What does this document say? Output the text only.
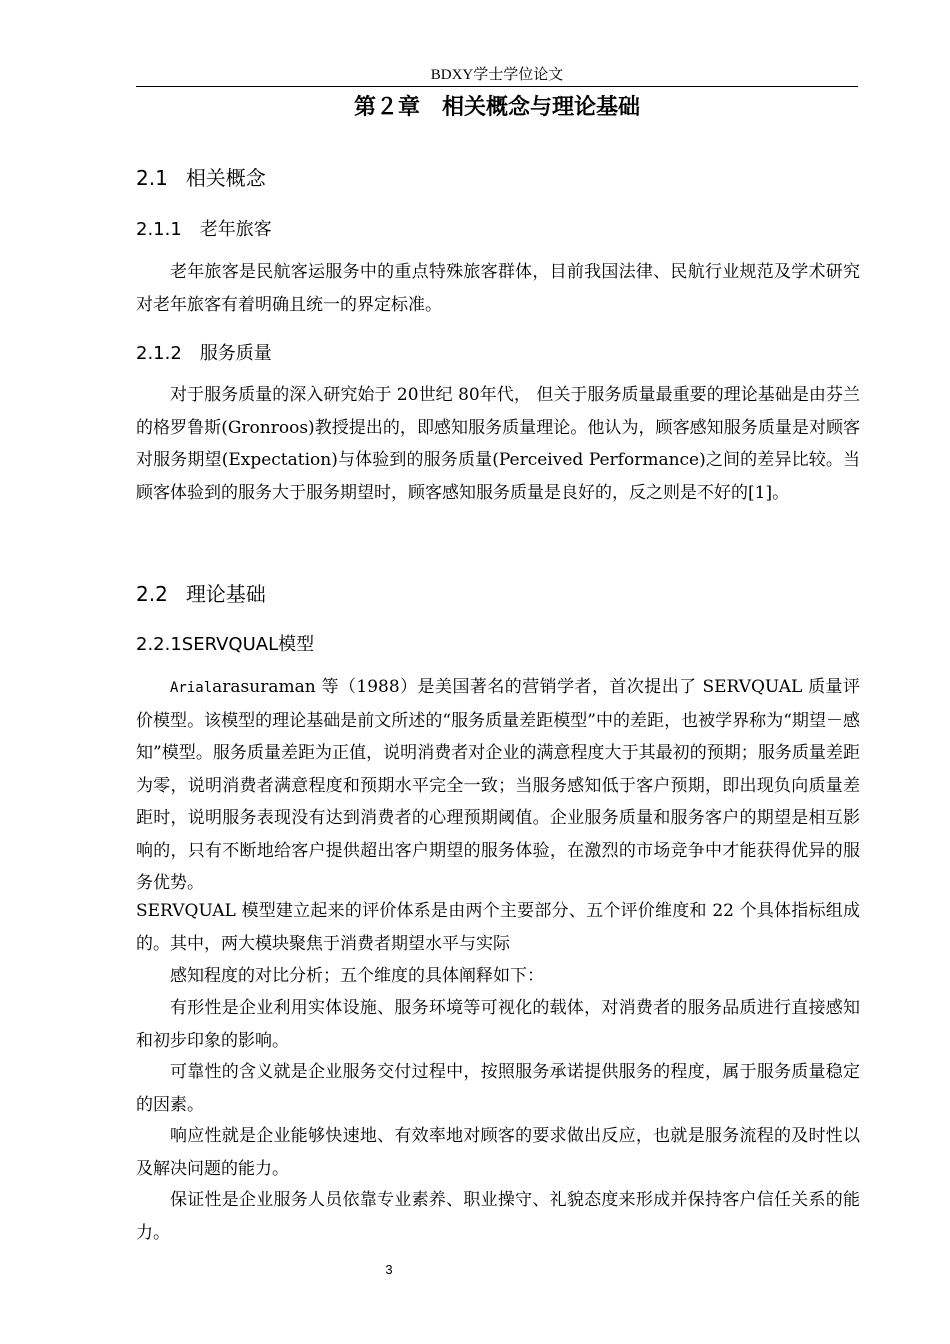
BDXY学士学位论文
第２章　相关概念与理论基础
2.1 相关概念
2.1.1 老年旅客

老年旅客是民航客运服务中的重点特殊旅客群体，目前我国法律、民航行业规范及学术研究对老年旅客有着明确且统一的界定标准。

2.1.2 服务质量

对于服务质量的深入研究始于 20世纪 80年代， 但关于服务质量最重要的理论基础是由芬兰的格罗鲁斯(Gronroos)教授提出的，即感知服务质量理论。他认为，顾客感知服务质量是对顾客对服务期望(Expectation)与体验到的服务质量(Perceived Performance)之间的差异比较。当顾客体验到的服务大于服务期望时，顾客感知服务质量是良好的，反之则是不好的[1]。

2.2 理论基础
2.2.1SERVQUAL模型

Arialarasuraman 等（1988）是美国著名的营销学者，首次提出了 SERVQUAL 质量评价模型。该模型的理论基础是前文所述的“服务质量差距模型”中的差距，也被学界称为“期望－感知”模型。服务质量差距为正值，说明消费者对企业的满意程度大于其最初的预期；服务质量差距为零，说明消费者满意程度和预期水平完全一致；当服务感知低于客户预期，即出现负向质量差距时，说明服务表现没有达到消费者的心理预期阈值。企业服务质量和服务客户的期望是相互影响的，只有不断地给客户提供超出客户期望的服务体验，在激烈的市场竞争中才能获得优异的服务优势。

SERVQUAL 模型建立起来的评价体系是由两个主要部分、五个评价维度和 22 个具体指标组成的。其中，两大模块聚焦于消费者期望水平与实际

感知程度的对比分析；五个维度的具体阐释如下：

有形性是企业利用实体设施、服务环境等可视化的载体，对消费者的服务品质进行直接感知和初步印象的影响。

可靠性的含义就是企业服务交付过程中，按照服务承诺提供服务的程度，属于服务质量稳定的因素。

响应性就是企业能够快速地、有效率地对顾客的要求做出反应，也就是服务流程的及时性以及解决问题的能力。

保证性是企业服务人员依靠专业素养、职业操守、礼貌态度来形成并保持客户信任关系的能力。

3
